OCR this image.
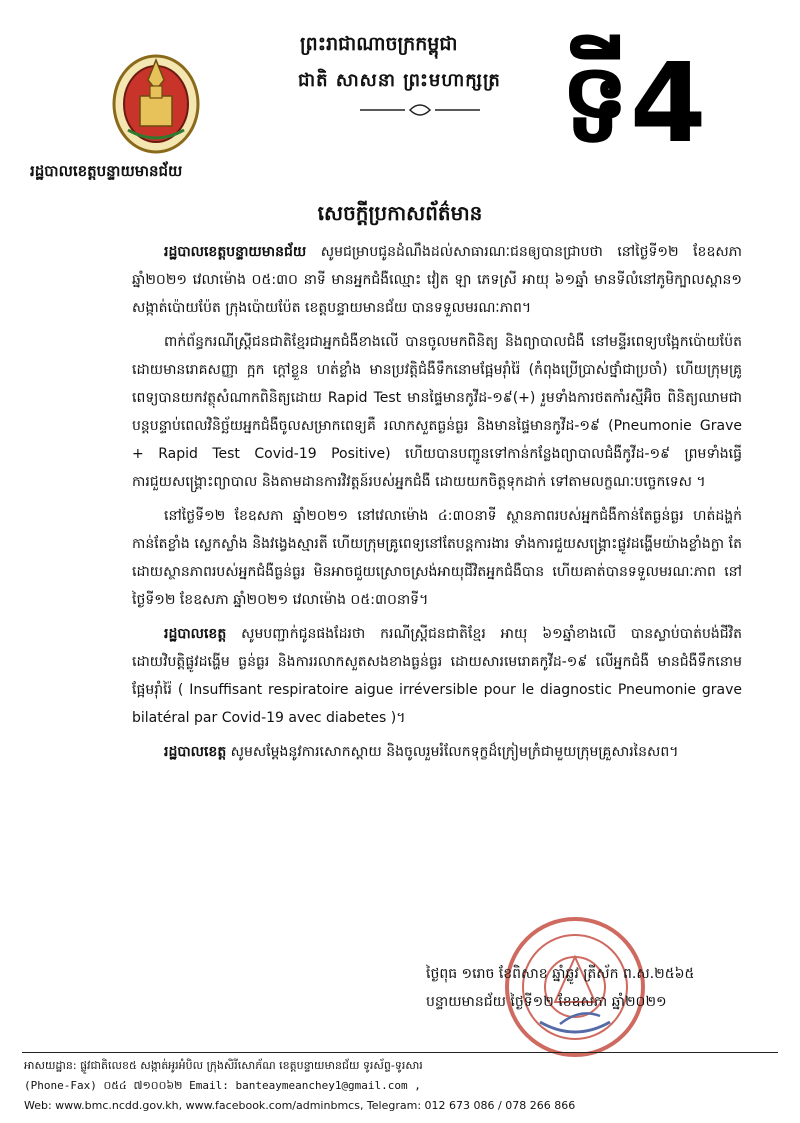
រដ្ឋបាលខេត្តបន្ទាយមានជ័យ
ព្រះរាជាណាចក្រកម្ពុជា
ជាតិ សាសនា ព្រះមហាក្សត្រ ទី4
សេចក្តីប្រកាសព័ត៌មាន

រដ្ឋបាលខេត្តបន្ទាយមានជ័យ សូមជម្រាបជូនដំណឹងដល់សាធារណៈជនឲ្យបានជ្រាបថា នៅថ្ងៃទី១២ ខែឧសភា ឆ្នាំ២០២១ វេលាម៉ោង ០៥:៣០ នាទី មានអ្នកជំងឺឈ្មោះ វៀត ឡា ភេទស្រី អាយុ ៦១ឆ្នាំ មានទីលំនៅភូមិក្បាលស្ពាន១ សង្កាត់ប៉ោយប៉ែត ក្រុងប៉ោយប៉ែត ខេត្តបន្ទាយមានជ័យ បានទទួលមរណៈភាព។

ពាក់ព័ន្ធករណីស្ត្រីជនជាតិខ្មែរជាអ្នកជំងឺខាងលើ បានចូលមកពិនិត្យ និងព្យាបាលជំងឺ នៅមន្ទីរពេទ្យបង្អែកប៉ោយប៉ែត ដោយមានរោគសញ្ញា ក្អក ក្តៅខ្លួន ហត់ខ្លាំង មានប្រវត្តិជំងឺទឹកនោមផ្អែមរ៉ាំរ៉ៃ (កំពុងប្រើប្រាស់ថ្នាំជាប្រចាំ) ហើយក្រុមគ្រូពេទ្យបានយកវត្ថុសំណាកពិនិត្យដោយ Rapid Test មានផ្ទៃមានកូវីដ-១៩(+) រួមទាំងការថតកាំរស្មីអ៊ិច ពិនិត្យឈាមជាបន្តបន្ទាប់ពេលវិនិច្ឆ័យអ្នកជំងឺចូលសម្រាកពេទ្យគឺ រលាកសួតធ្ងន់ធ្ងរ និងមានផ្ទៃមានកូវីដ-១៩ (Pneumonie Grave + Rapid Test Covid-19 Positive) ហើយបានបញ្ជូនទៅកាន់កន្លែងព្យាបាលជំងឺកូវីដ-១៩ ព្រមទាំងធ្វើការជួយសង្គ្រោះព្យាបាល និងតាមដានការវិវត្តន៍របស់អ្នកជំងឺ ដោយយកចិត្តទុកដាក់ ទៅតាមលក្ខណៈបច្ចេកទេស ។

នៅថ្ងៃទី១២ ខែឧសភា ឆ្នាំ២០២១ នៅវេលាម៉ោង ៤:៣០នាទី ស្ថានភាពរបស់អ្នកជំងឺកាន់តែធ្ងន់ធ្ងរ ហត់ដង្ហក់កាន់តែខ្លាំង ស្លេកស្លាំង និងវង្វេងស្មារតី ហើយក្រុមគ្រូពេទ្យនៅតែបន្តការងារ ទាំងការជួយសង្គ្រោះផ្លូវដង្ហើមយ៉ាងខ្លាំងក្លា តែដោយស្ថានភាពរបស់អ្នកជំងឺធ្ងន់ធ្ងរ មិនអាចជួយស្រោចស្រង់អាយុជីវិតអ្នកជំងឺបាន ហើយគាត់បានទទួលមរណៈភាព នៅថ្ងៃទី១២ ខែឧសភា ឆ្នាំ២០២១ វេលាម៉ោង ០៥:៣០នាទី។

រដ្ឋបាលខេត្ត សូមបញ្ជាក់ជូនផងដែរថា ករណីស្ត្រីជនជាតិខ្មែរ អាយុ ៦១ឆ្នាំខាងលើ បានស្លាប់បាត់បង់ជីវិត ដោយវិបត្តិផ្លូវដង្ហើម ធ្ងន់ធ្ងរ និងការរលាកសួតសងខាងធ្ងន់ធ្ងរ ដោយសារមេរោគកូវីដ-១៩ លើអ្នកជំងឺ មានជំងឺទឹកនោមផ្អែមរ៉ាំរ៉ៃ ( Insuffisant respiratoire aigue irréversible pour le diagnostic Pneumonie grave bilatéral par Covid-19 avec diabetes )។

រដ្ឋបាលខេត្ត សូមសម្តែងនូវការសោកស្តាយ និងចូលរួមរំលែកទុក្ខដ៏ក្រៀមក្រំជាមួយក្រុមគ្រួសារនៃសព។

ថ្ងៃពុធ ១រោច ខែពិសាខ ឆ្នាំឆ្លូវ ត្រីស័ក ព.ស.២៥៦៥
បន្ទាយមានជ័យ ថ្ងៃទី១២ ខែឧសភា ឆ្នាំ២០២១
អាសយដ្ឋាន: ផ្លូវជាតិលេខ៥ សង្កាត់អូរអំបិល ក្រុងសិរីសោភ័ណ ខេត្តបន្ទាយមានជ័យ ទូរស័ព្ទ-ទូរសារ
(Phone-Fax) ០៥៤ ៧១០០៦២ Email: banteaymeanchey1@gmail.com ,
Web: www.bmc.ncdd.gov.kh, www.facebook.com/adminbmcs, Telegram: 012 673 086 / 078 266 866
